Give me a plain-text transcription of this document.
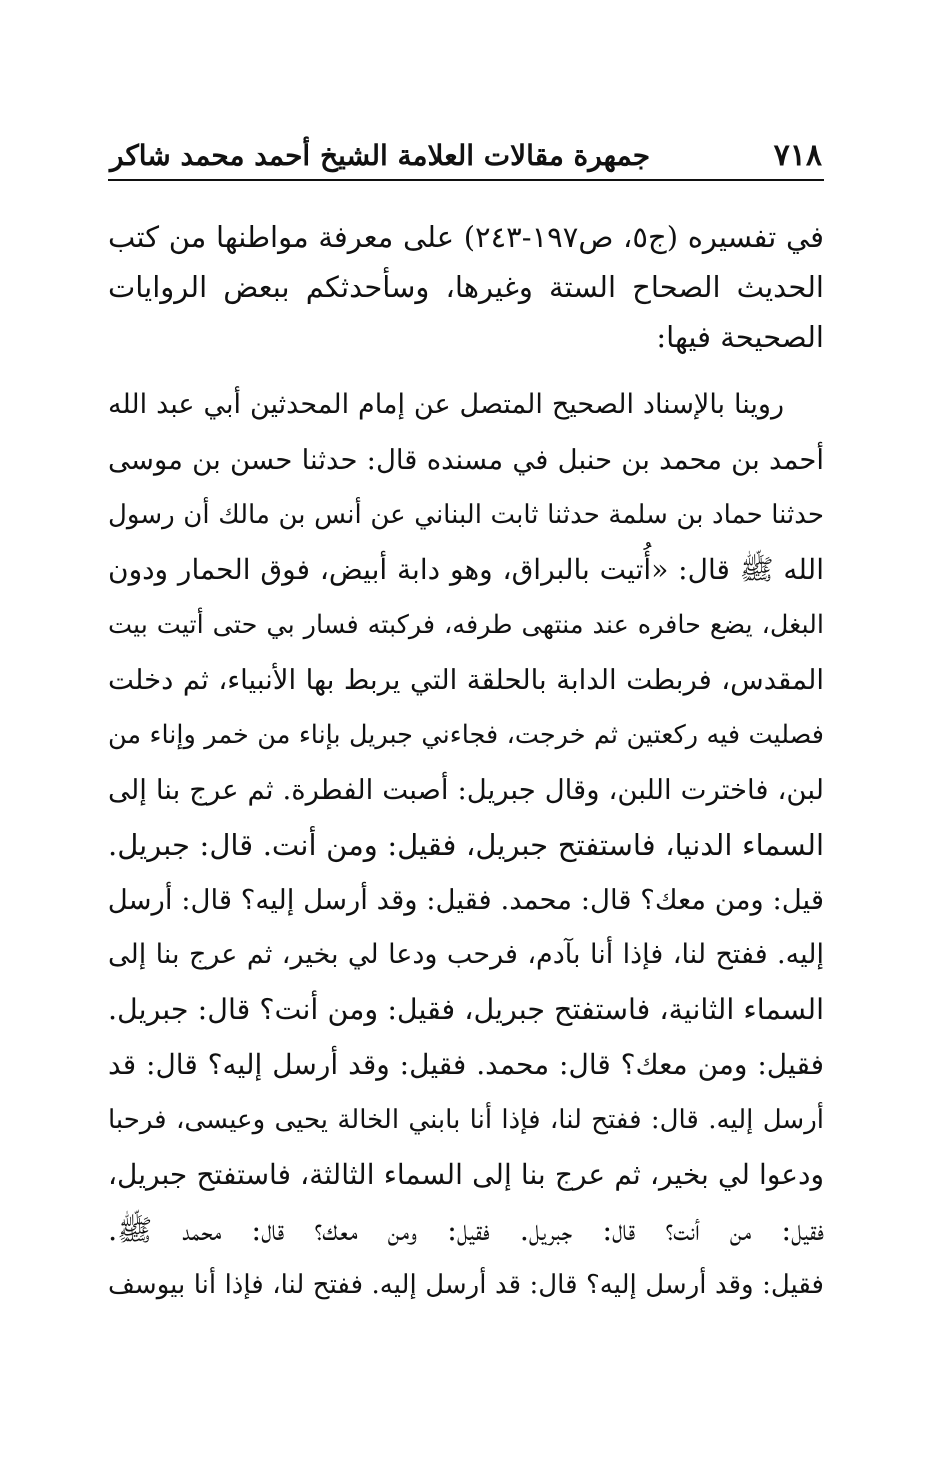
٧١٨
جمهرة مقالات العلامة الشيخ أحمد محمد شاكر
في تفسيره (ج٥، ص١٩٧-٢٤٣) على معرفة مواطنها من كتب
الحديث الصحاح الستة وغيرها، وسأحدثكم ببعض الروايات
الصحيحة فيها:
روينا بالإسناد الصحيح المتصل عن إمام المحدثين أبي عبد الله
أحمد بن محمد بن حنبل في مسنده قال: حدثنا حسن بن موسى
حدثنا حماد بن سلمة حدثنا ثابت البناني عن أنس بن مالك أن رسول
الله ﷺ قال: «أُتيت بالبراق، وهو دابة أبيض، فوق الحمار ودون
البغل، يضع حافره عند منتهى طرفه، فركبته فسار بي حتى أتيت بيت
المقدس، فربطت الدابة بالحلقة التي يربط بها الأنبياء، ثم دخلت
فصليت فيه ركعتين ثم خرجت، فجاءني جبريل بإناء من خمر وإناء من
لبن، فاخترت اللبن، وقال جبريل: أصبت الفطرة. ثم عرج بنا إلى
السماء الدنيا، فاستفتح جبريل، فقيل: ومن أنت. قال: جبريل.
قيل: ومن معك؟ قال: محمد. فقيل: وقد أرسل إليه؟ قال: أرسل
إليه. ففتح لنا، فإذا أنا بآدم، فرحب ودعا لي بخير، ثم عرج بنا إلى
السماء الثانية، فاستفتح جبريل، فقيل: ومن أنت؟ قال: جبريل.
فقيل: ومن معك؟ قال: محمد. فقيل: وقد أرسل إليه؟ قال: قد
أرسل إليه. قال: ففتح لنا، فإذا أنا بابني الخالة يحيى وعيسى، فرحبا
ودعوا لي بخير، ثم عرج بنا إلى السماء الثالثة، فاستفتح جبريل،
فقيل: من أنت؟ قال: جبريل. فقيل: ومن معك؟ قال: محمد ﷺ.
فقيل: وقد أرسل إليه؟ قال: قد أرسل إليه. ففتح لنا، فإذا أنا بيوسف
